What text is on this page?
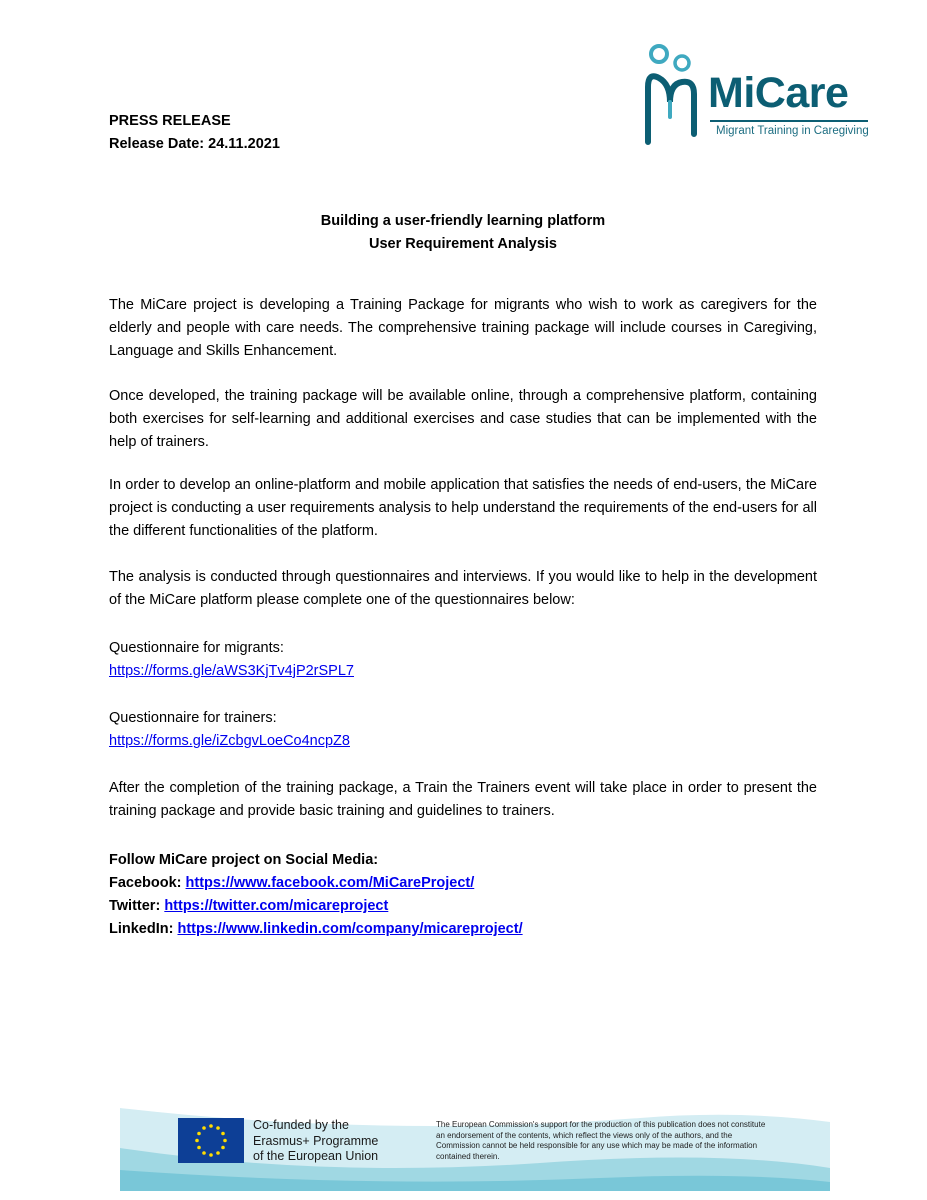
PRESS RELEASE
Release Date: 24.11.2021
MiCare
Migrant Training in Caregiving
Building a user-friendly learning platform
User Requirement Analysis
The MiCare project is developing a Training Package for migrants who wish to work as caregivers for the elderly and people with care needs. The comprehensive training package will include courses in Caregiving, Language and Skills Enhancement.
Once developed, the training package will be available online, through a comprehensive platform, containing both exercises for self-learning and additional exercises and case studies that can be implemented with the help of trainers.
In order to develop an online-platform and mobile application that satisfies the needs of end-users, the MiCare project is conducting a user requirements analysis to help understand the requirements of the end-users for all the different functionalities of the platform.
The analysis is conducted through questionnaires and interviews. If you would like to help in the development of the MiCare platform please complete one of the questionnaires below:
Questionnaire for migrants:
https://forms.gle/aWS3KjTv4jP2rSPL7
Questionnaire for trainers:
https://forms.gle/iZcbgvLoeCo4ncpZ8
After the completion of the training package, a Train the Trainers event will take place in order to present the training package and provide basic training and guidelines to trainers.
Follow MiCare project on Social Media:
Facebook: https://www.facebook.com/MiCareProject/
Twitter: https://twitter.com/micareproject
LinkedIn: https://www.linkedin.com/company/micareproject/
Co-funded by the
Erasmus+ Programme
of the European Union
The European Commission's support for the production of this publication does not constitute an endorsement of the contents, which reflect the views only of the authors, and the Commission cannot be held responsible for any use which may be made of the information contained therein.
